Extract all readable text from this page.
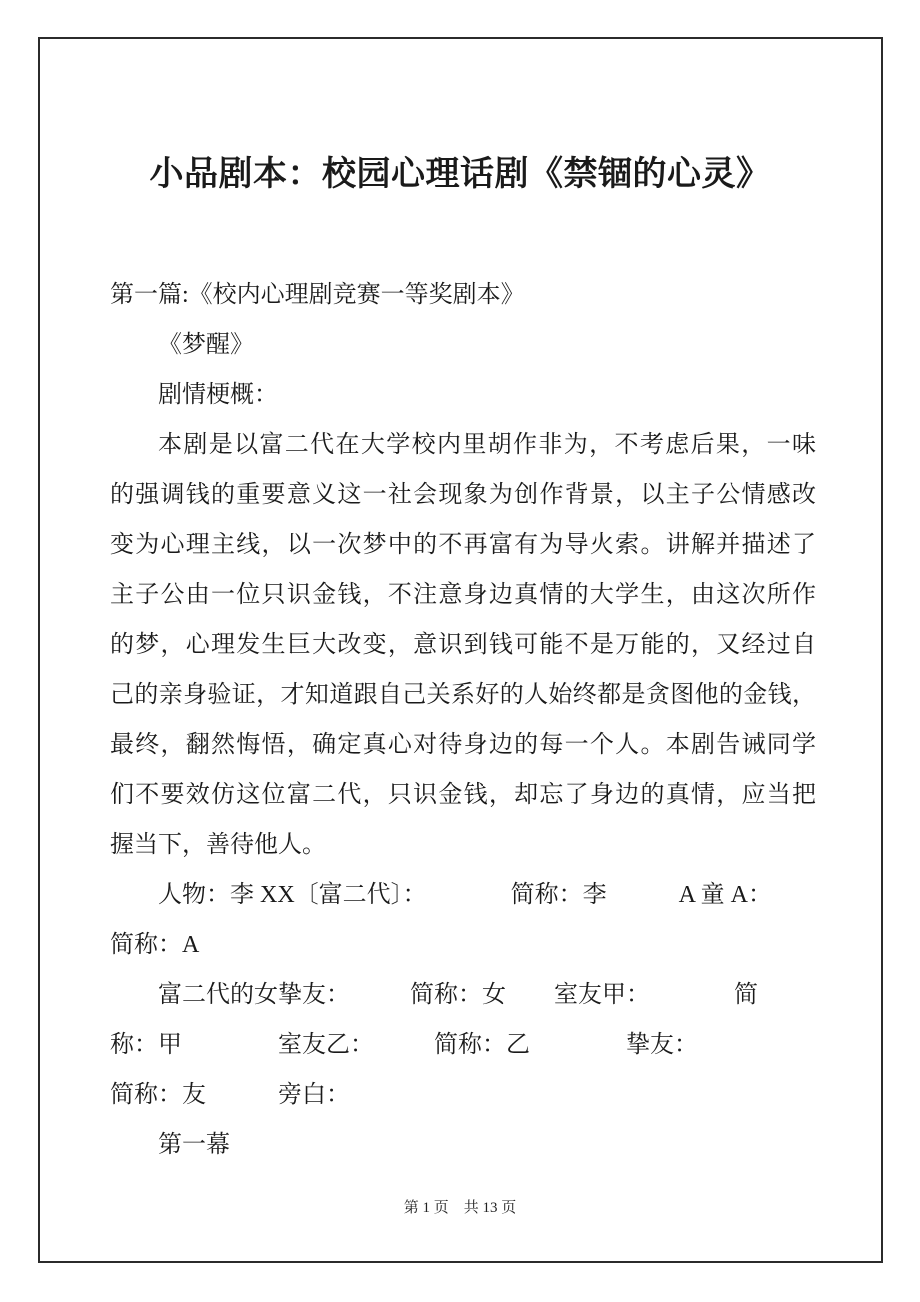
小品剧本：校园心理话剧《禁锢的心灵》
第一篇:《校内心理剧竞赛一等奖剧本》
《梦醒》
剧情梗概：
本剧是以富二代在大学校内里胡作非为，不考虑后果，一味
的强调钱的重要意义这一社会现象为创作背景，以主子公情感改
变为心理主线，以一次梦中的不再富有为导火索。讲解并描述了
主子公由一位只识金钱，不注意身边真情的大学生，由这次所作
的梦，心理发生巨大改变，意识到钱可能不是万能的，又经过自
己的亲身验证，才知道跟自己关系好的人始终都是贪图他的金钱，
最终，翻然悔悟，确定真心对待身边的每一个人。本剧告诫同学
们不要效仿这位富二代，只识金钱，却忘了身边的真情，应当把
握当下，善待他人。
人物：李 XX〔富二代〕：　　　　简称：李　　　A 童 A：
简称：A
富二代的女挚友：　　　简称：女　　室友甲：　　　　简
称：甲　　　　室友乙：　　　简称：乙　　　　挚友：
简称：友　　　旁白：
第一幕
第 1 页　共 13 页
